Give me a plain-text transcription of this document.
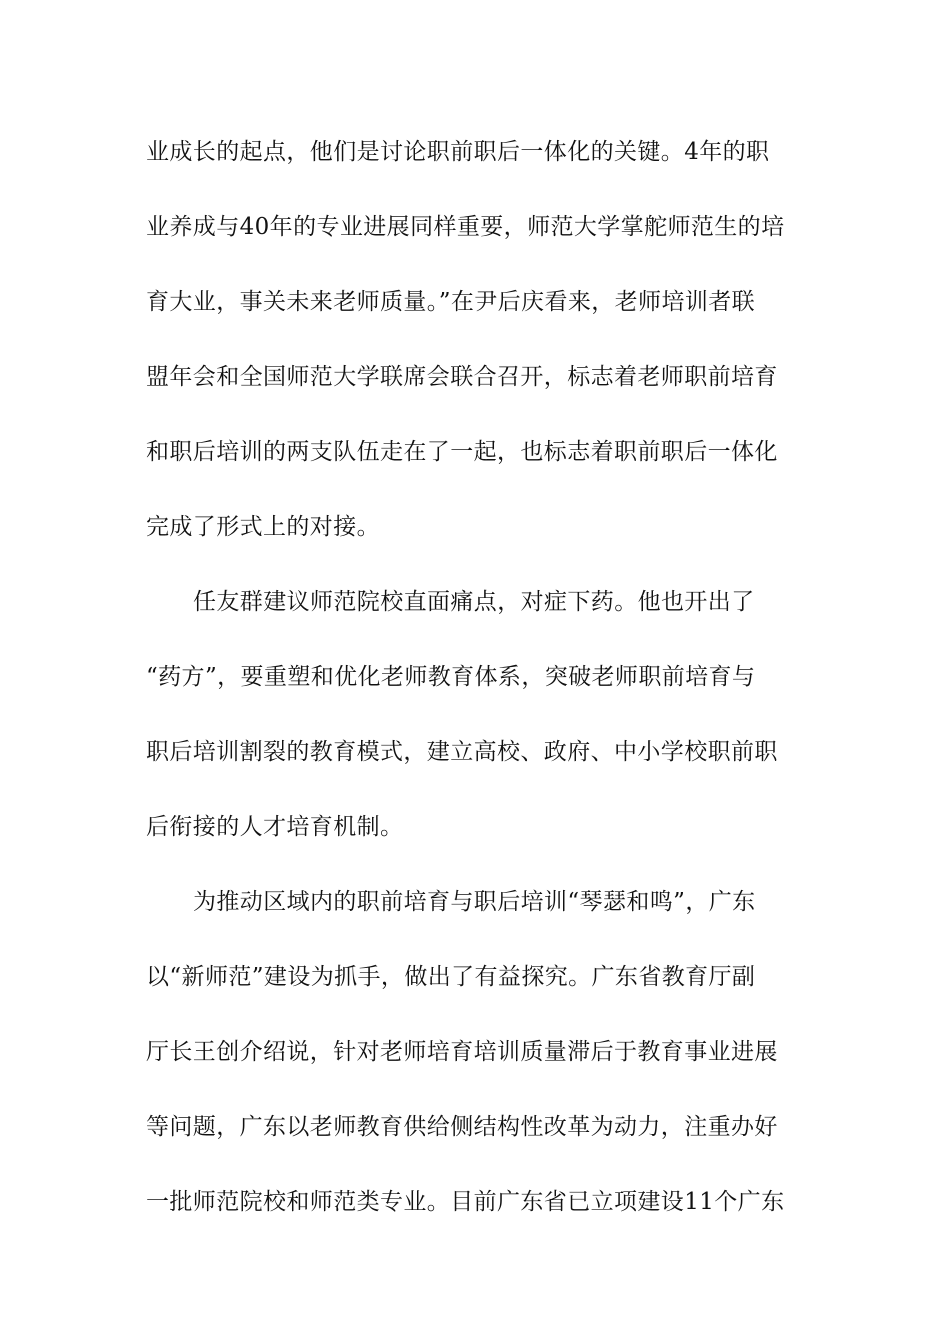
业成长的起点，他们是讨论职前职后一体化的关键。4年的职
业养成与40年的专业进展同样重要，师范大学掌舵师范生的培
育大业，事关未来老师质量。”在尹后庆看来，老师培训者联
盟年会和全国师范大学联席会联合召开，标志着老师职前培育
和职后培训的两支队伍走在了一起，也标志着职前职后一体化
完成了形式上的对接。
任友群建议师范院校直面痛点，对症下药。他也开出了
“药方”，要重塑和优化老师教育体系，突破老师职前培育与
职后培训割裂的教育模式，建立高校、政府、中小学校职前职
后衔接的人才培育机制。
为推动区域内的职前培育与职后培训“琴瑟和鸣”，广东
以“新师范”建设为抓手，做出了有益探究。广东省教育厅副
厅长王创介绍说，针对老师培育培训质量滞后于教育事业进展
等问题，广东以老师教育供给侧结构性改革为动力，注重办好
一批师范院校和师范类专业。目前广东省已立项建设11个广东
